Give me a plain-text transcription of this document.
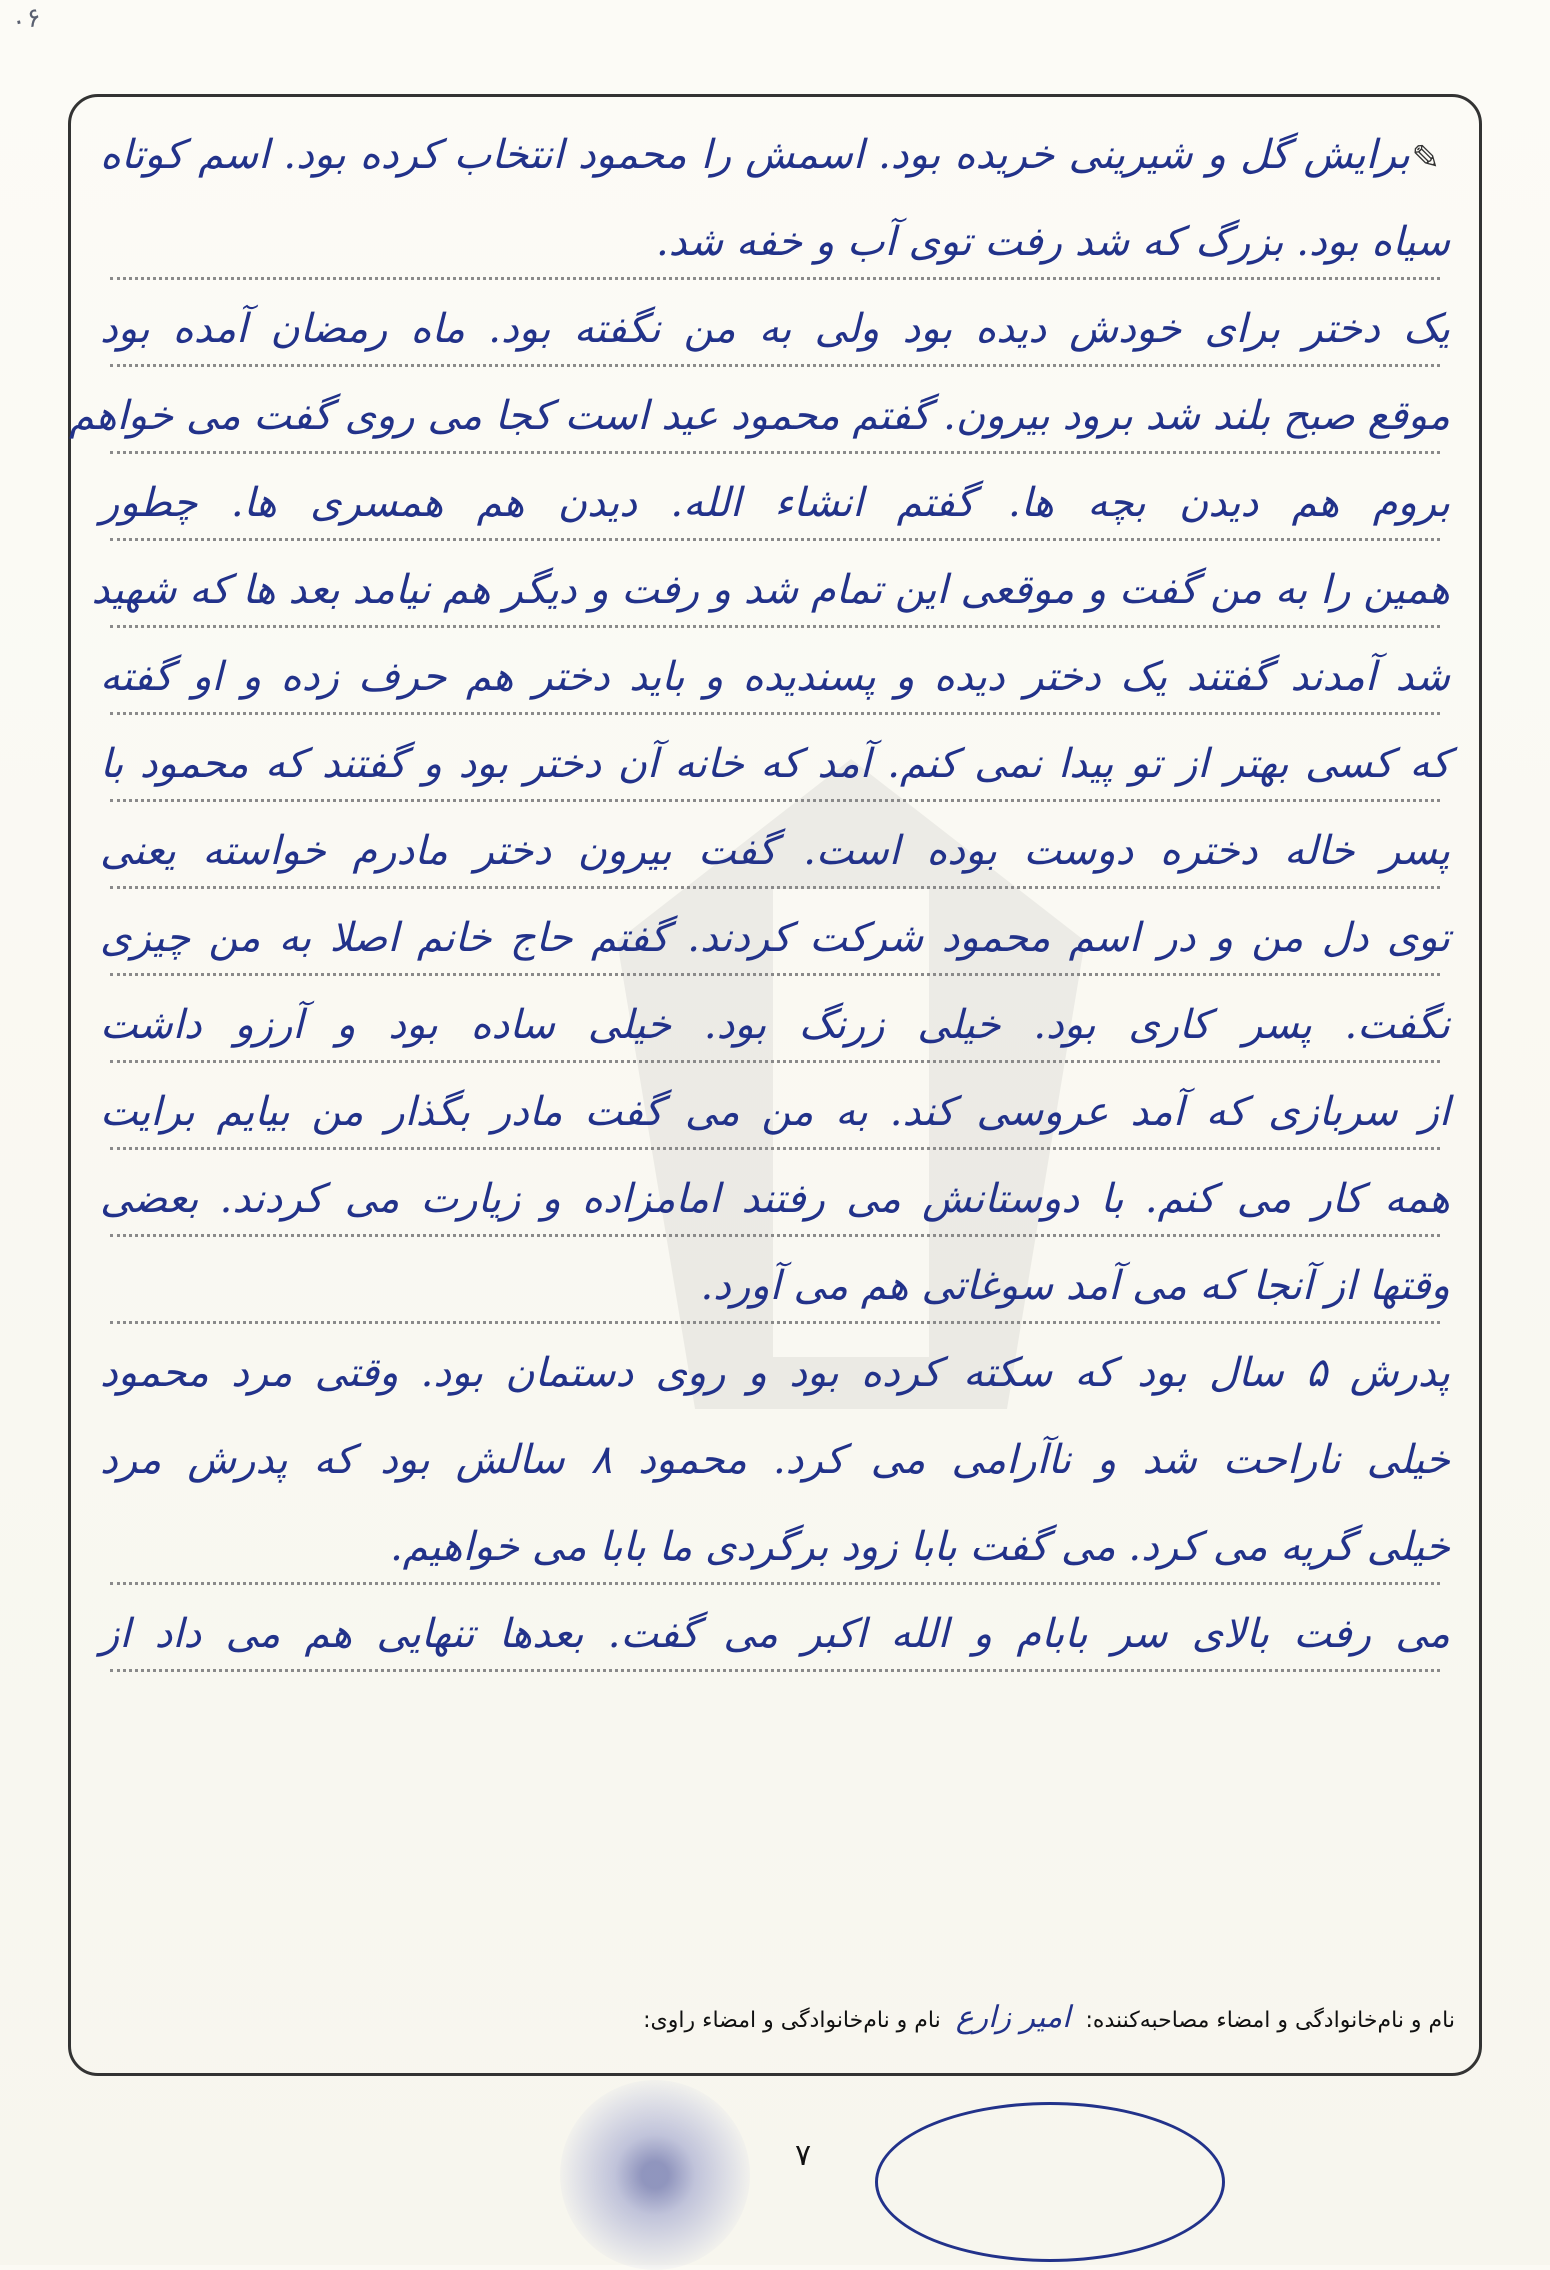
۰۶
برایش گل و شیرینی خریده بود. اسمش را محمود انتخاب کرده بود. اسم کوتاه ✎
سیاه بود. بزرگ که شد رفت توی آب و خفه شد.
یک دختر برای خودش دیده بود ولی به من نگفته بود. ماه رمضان آمده بود
موقع صبح بلند شد برود بیرون. گفتم محمود عید است کجا می روی گفت می خواهم
بروم هم دیدن بچه ها. گفتم انشاء الله. دیدن هم همسری ها. چطور
همین را به من گفت و موقعی این تمام شد و رفت و دیگر هم نیامد بعد ها که شهید
شد آمدند گفتند یک دختر دیده و پسندیده و باید دختر هم حرف زده و او گفته
که کسی بهتر از تو پیدا نمی کنم. آمد که خانه آن دختر بود و گفتند که محمود با
پسر خاله دختره دوست بوده است. گفت بیرون دختر مادرم خواسته یعنی
توی دل من و در اسم محمود شرکت کردند. گفتم حاج خانم اصلا به من چیزی
نگفت. پسر کاری بود. خیلی زرنگ بود. خیلی ساده بود و آرزو داشت
از سربازی که آمد عروسی کند. به من می گفت مادر بگذار من بیایم برایت
همه کار می کنم. با دوستانش می رفتند امامزاده و زیارت می کردند. بعضی
وقتها از آنجا که می آمد سوغاتی هم می آورد.
پدرش ۵ سال بود که سکته کرده بود و روی دستمان بود. وقتی مرد محمود
خیلی ناراحت شد و ناآرامی می کرد. محمود ۸ سالش بود که پدرش مرد
خیلی گریه می کرد. می گفت بابا زود برگردی ما بابا می خواهیم.
می رفت بالای سر بابام و الله اکبر می گفت. بعدها تنهایی هم می داد از
نام و نام‌خانوادگی و امضاء مصاحبه‌کننده: امیر زارع نام و نام‌خانوادگی و امضاء راوی:
۷
